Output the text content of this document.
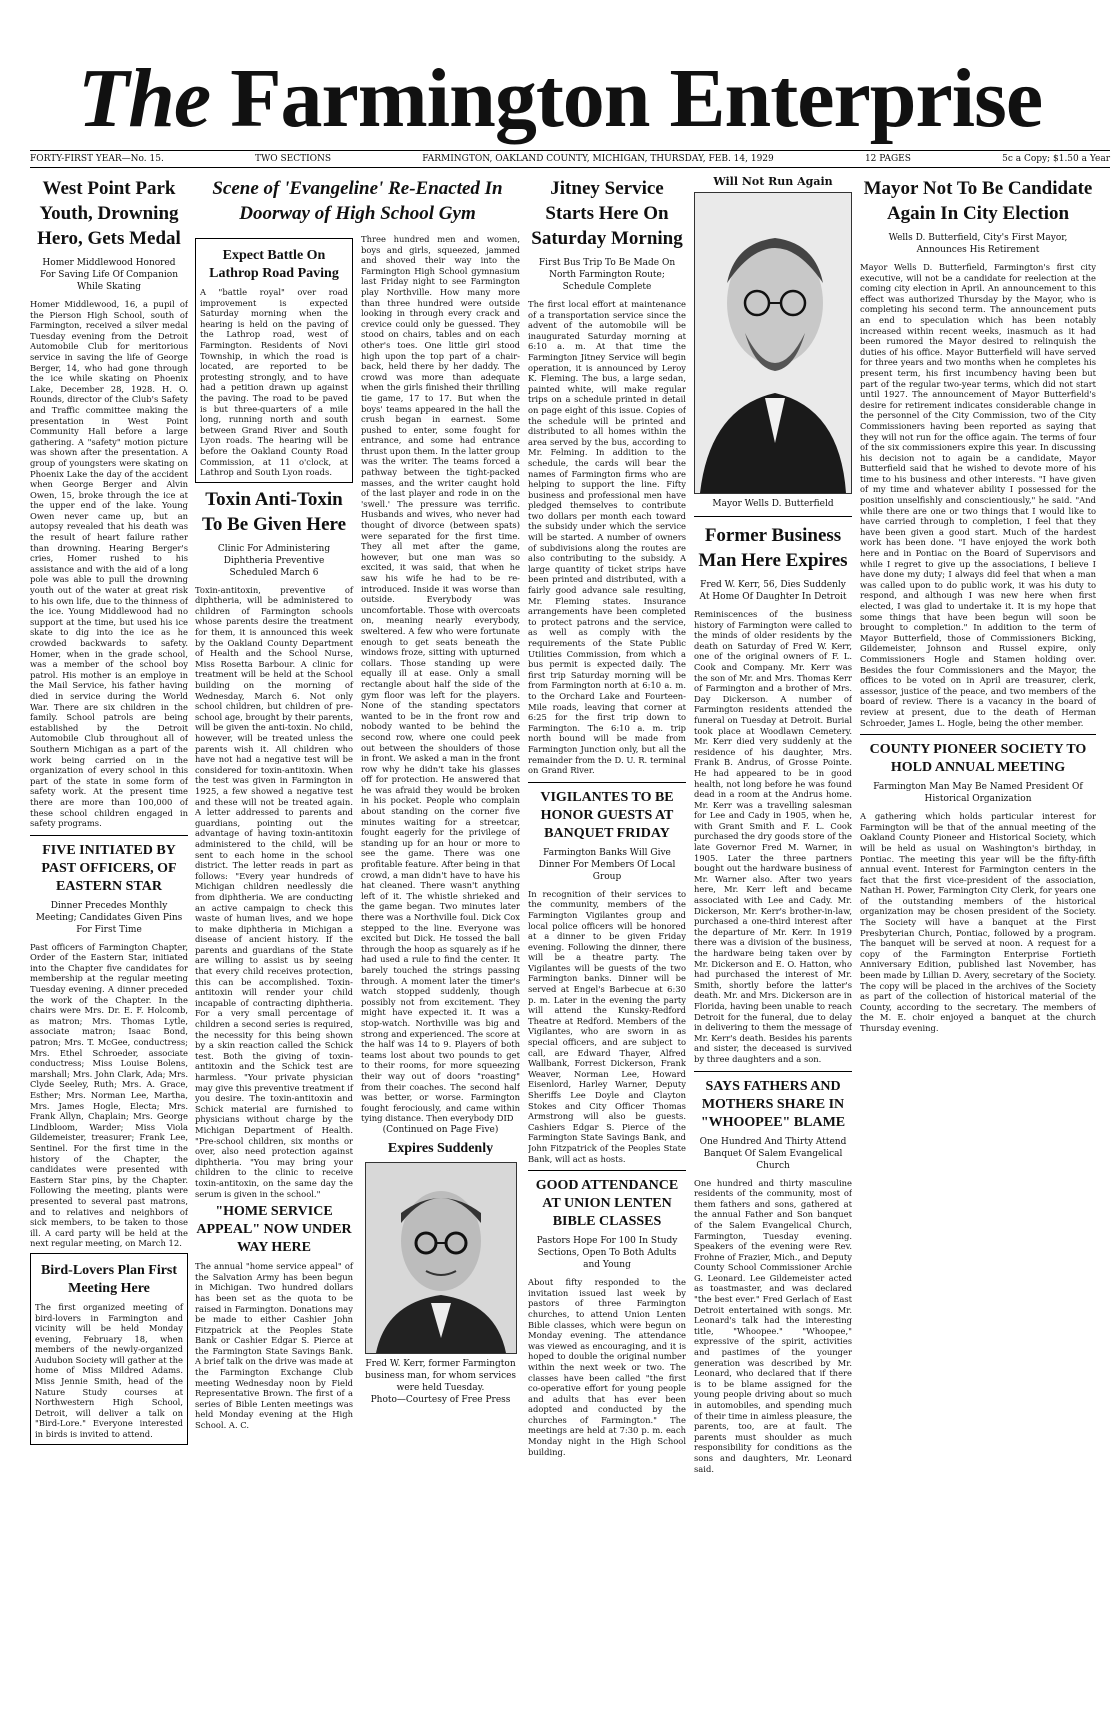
The Farmington Enterprise
FORTY-FIRST YEAR—No. 15.	TWO SECTIONS	FARMINGTON, OAKLAND COUNTY, MICHIGAN, THURSDAY, FEB. 14, 1929	12 PAGES	5c a Copy; $1.50 a Year
West Point Park Youth, Drowning Hero, Gets Medal
Homer Middlewood Honored For Saving Life Of Companion While Skating
Homer Middlewood, 16, a pupil of the Pierson High School, south of Farmington, received a silver medal Tuesday evening from the Detroit Automobile Club for meritorious service in saving the life of George Berger, 14, who had gone through the ice while skating on Phoenix Lake, December 28, 1928. H. O. Rounds, director of the Club's Safety and Traffic committee making the presentation in West Point Community Hall before a large gathering. A "safety" motion picture was shown after the presentation. A group of youngsters were skating on Phoenix Lake the day of the accident when George Berger and Alvin Owen, 15, broke through the ice at the upper end of the lake. Young Owen never came up, but an autopsy revealed that his death was the result of heart failure rather than drowning. Hearing Berger's cries, Homer rushed to his assistance and with the aid of a long pole was able to pull the drowning youth out of the water at great risk to his own life, due to the thinness of the ice. Young Middlewood had no support at the time, but used his ice skate to dig into the ice as he crowded backwards to safety. Homer, when in the grade school, was a member of the school boy patrol. His mother is an employe in the Mail Service, his father having died in service during the World War. There are six children in the family. School patrols are being established by the Detroit Automobile Club throughout all of Southern Michigan as a part of the work being carried on in the organization of every school in this part of the state in some form of safety work. At the present time there are more than 100,000 of these school children engaged in safety programs.
FIVE INITIATED BY PAST OFFICERS, OF EASTERN STAR
Dinner Precedes Monthly Meeting; Candidates Given Pins For First Time
Past officers of Farmington Chapter, Order of the Eastern Star, initiated into the Chapter five candidates for membership at the regular meeting Tuesday evening. A dinner preceded the work of the Chapter. In the chairs were Mrs. Dr. E. F. Holcomb, as matron; Mrs. Thomas Lytle, associate matron; Isaac Bond, patron; Mrs. T. McGee, conductress; Mrs. Ethel Schroeder, associate conductress; Miss Louise Bolens, marshall; Mrs. John Clark, Ada; Mrs. Clyde Seeley, Ruth; Mrs. A. Grace, Esther; Mrs. Norman Lee, Martha, Mrs. James Hogle, Electa; Mrs. Frank Allyn, Chaplain; Mrs. George Lindbloom, Warder; Miss Viola Gildemeister, treasurer; Frank Lee, Sentinel. For the first time in the history of the Chapter, the candidates were presented with Eastern Star pins, by the Chapter. Following the meeting, plants were presented to several past matrons, and to relatives and neighbors of sick members, to be taken to those ill. A card party will be held at the next regular meeting, on March 12.
Bird-Lovers Plan First Meeting Here
The first organized meeting of bird-lovers in Farmington and vicinity will be held Monday evening, February 18, when members of the newly-organized Audubon Society will gather at the home of Miss Mildred Adams. Miss Jennie Smith, head of the Nature Study courses at Northwestern High School, Detroit, will deliver a talk on "Bird-Lore." Everyone interested in birds is invited to attend.
Scene of 'Evangeline' Re-Enacted In Doorway of High School Gym
Expect Battle On Lathrop Road Paving
A "battle royal" over road improvement is expected Saturday morning when the hearing is held on the paving of the Lathrop road, west of Farmington. Residents of Novi Township, in which the road is located, are reported to be protesting strongly, and to have had a petition drawn up against the paving. The road to be paved is but three-quarters of a mile long, running north and south between Grand River and South Lyon roads. The hearing will be before the Oakland County Road Commission, at 11 o'clock, at Lathrop and South Lyon roads.
Toxin Anti-Toxin To Be Given Here
Clinic For Administering Diphtheria Preventive Scheduled March 6
Toxin-antitoxin, preventive of diphtheria, will be administered to children of Farmington schools whose parents desire the treatment for them, it is announced this week by the Oakland County Department of Health and the School Nurse, Miss Rosetta Barbour. A clinic for treatment will be held at the School building on the morning of Wednesday, March 6. Not only school children, but children of pre-school age, brought by their parents, will be given the anti-toxin. No child, however, will be treated unless the parents wish it. All children who have not had a negative test will be considered for toxin-antitoxin. When the test was given in Farmington in 1925, a few showed a negative test and these will not be treated again. A letter addressed to parents and guardians, pointing out the advantage of having toxin-antitoxin administered to the child, will be sent to each home in the school district. The letter reads in part as follows: "Every year hundreds of Michigan children needlessly die from diphtheria. We are conducting an active campaign to check this waste of human lives, and we hope to make diphtheria in Michigan a disease of ancient history. If the parents and guardians of the State are willing to assist us by seeing that every child receives protection, this can be accomplished. Toxin-antitoxin will render your child incapable of contracting diphtheria. For a very small percentage of children a second series is required, the necessity for this being shown by a skin reaction called the Schick test. Both the giving of toxin-antitoxin and the Schick test are harmless. "Your private physician may give this preventive treatment if you desire. The toxin-antitoxin and Schick material are furnished to physicians without charge by the Michigan Department of Health. "Pre-school children, six months or over, also need protection against diphtheria. "You may bring your children to the clinic to receive toxin-antitoxin, on the same day the serum is given in the school."
"HOME SERVICE APPEAL" NOW UNDER WAY HERE
The annual "home service appeal" of the Salvation Army has been begun in Michigan. Two hundred dollars has been set as the quota to be raised in Farmington. Donations may be made to either Cashier John Fitzpatrick at the Peoples State Bank or Cashier Edgar S. Pierce at the Farmington State Savings Bank. A brief talk on the drive was made at the Farmington Exchange Club meeting Wednesday noon by Field Representative Brown. The first of a series of Bible Lenten meetings was held Monday evening at the High School. A. C.
Three hundred men and women, boys and girls, squeezed, jammed and shoved their way into the Farmington High School gymnasium last Friday night to see Farmington play Northville. How many more than three hundred were outside looking in through every crack and crevice could only be guessed. They stood on chairs, tables and on each other's toes. One little girl stood high upon the top part of a chair-back, held there by her daddy. The crowd was more than adequate when the girls finished their thrilling tie game, 17 to 17. But when the boys' teams appeared in the hall the crush began in earnest. Some pushed to enter, some fought for entrance, and some had entrance thrust upon them. In the latter group was the writer. The teams forced a pathway between the tight-packed masses, and the writer caught hold of the last player and rode in on the 'swell.' The pressure was terrific. Husbands and wives, who never had thought of divorce (between spats) were separated for the first time. They all met after the game, however, but one man was so excited, it was said, that when he saw his wife he had to be re-introduced. Inside it was worse than outside. Everybody was uncomfortable. Those with overcoats on, meaning nearly everybody, sweltered. A few who were fortunate enough to get seats beneath the windows froze, sitting with upturned collars. Those standing up were equally ill at ease. Only a small rectangle about half the side of the gym floor was left for the players. None of the standing spectators wanted to be in the front row and nobody wanted to be behind the second row, where one could peek out between the shoulders of those in front. We asked a man in the front row why he didn't take his glasses off for protection. He answered that he was afraid they would be broken in his pocket. People who complain about standing on the corner five minutes waiting for a streetcar, fought eagerly for the privilege of standing up for an hour or more to see the game. There was one profitable feature. After being in that crowd, a man didn't have to have his hat cleaned. There wasn't anything left of it. The whistle shrieked and the game began. Two minutes later there was a Northville foul. Dick Cox stepped to the line. Everyone was excited but Dick. He tossed the ball through the hoop as squarely as if he had used a rule to find the center. It barely touched the strings passing through. A moment later the timer's watch stopped suddenly, though possibly not from excitement. They might have expected it. It was a stop-watch. Northville was big and strong and experienced. The score at the half was 14 to 9. Players of both teams lost about two pounds to get to their rooms, for more squeezing their way out of doors "roasting" from their coaches. The second half was better, or worse. Farmington fought ferociously, and came within tying distance. Then everybody DID
(Continued on Page Five)
Expires Suddenly
Fred W. Kerr, former Farmington business man, for whom services were held Tuesday.
Photo—Courtesy of Free Press
Jitney Service Starts Here On Saturday Morning
First Bus Trip To Be Made On North Farmington Route; Schedule Complete
The first local effort at maintenance of a transportation service since the advent of the automobile will be inaugurated Saturday morning at 6:10 a. m. At that time the Farmington Jitney Service will begin operation, it is announced by Leroy K. Fleming. The bus, a large sedan, painted white, will make regular trips on a schedule printed in detail on page eight of this issue. Copies of the schedule will be printed and distributed to all homes within the area served by the bus, according to Mr. Felming. In addition to the schedule, the cards will bear the names of Farmington firms who are helping to support the line. Fifty business and professional men have pledged themselves to contribute two dollars per month each toward the subsidy under which the service will be started. A number of owners of subdivisions along the routes are also contributing to the subsidy. A large quantity of ticket strips have been printed and distributed, with a fairly good advance sale resulting, Mr. Fleming states. Insurance arrangements have been completed to protect patrons and the service, as well as comply with the requirements of the State Public Utilities Commission, from which a bus permit is expected daily. The first trip Saturday morning will be from Farmington north at 6:10 a. m. to the Orchard Lake and Fourteen-Mile roads, leaving that corner at 6:25 for the first trip down to Farmington. The 6:10 a. m. trip north bound will be made from Farmington Junction only, but all the remainder from the D. U. R. terminal on Grand River.
VIGILANTES TO BE HONOR GUESTS AT BANQUET FRIDAY
Farmington Banks Will Give Dinner For Members Of Local Group
In recognition of their services to the community, members of the Farmington Vigilantes group and local police officers will be honored at a dinner to be given Friday evening. Following the dinner, there will be a theatre party. The Vigilantes will be guests of the two Farmington banks. Dinner will be served at Engel's Barbecue at 6:30 p. m. Later in the evening the party will attend the Kunsky-Redford Theatre at Redford. Members of the Vigilantes, who are sworn in as special officers, and are subject to call, are Edward Thayer, Alfred Wallbank, Forrest Dickerson, Frank Weaver, Norman Lee, Howard Eisenlord, Harley Warner, Deputy Sheriffs Lee Doyle and Clayton Stokes and City Officer Thomas Armstrong will also be guests. Cashiers Edgar S. Pierce of the Farmington State Savings Bank, and John Fitzpatrick of the Peoples State Bank, will act as hosts.
GOOD ATTENDANCE AT UNION LENTEN BIBLE CLASSES
Pastors Hope For 100 In Study Sections, Open To Both Adults and Young
About fifty responded to the invitation issued last week by pastors of three Farmington churches, to attend Union Lenten Bible classes, which were begun on Monday evening. The attendance was viewed as encouraging, and it is hoped to double the original number within the next week or two. The classes have been called "the first co-operative effort for young people and adults that has ever been adopted and conducted by the churches of Farmington." The meetings are held at 7:30 p. m. each Monday night in the High School building.
Will Not Run Again
Mayor Wells D. Butterfield
Former Business Man Here Expires
Fred W. Kerr, 56, Dies Suddenly At Home Of Daughter In Detroit
Reminiscences of the business history of Farmington were called to the minds of older residents by the death on Saturday of Fred W. Kerr, one of the original owners of F. L. Cook and Company. Mr. Kerr was the son of Mr. and Mrs. Thomas Kerr of Farmington and a brother of Mrs. Day Dickerson. A number of Farmington residents attended the funeral on Tuesday at Detroit. Burial took place at Woodlawn Cemetery. Mr. Kerr died very suddenly at the residence of his daughter, Mrs. Frank B. Andrus, of Grosse Pointe. He had appeared to be in good health, not long before he was found dead in a room at the Andrus home. Mr. Kerr was a travelling salesman for Lee and Cady in 1905, when he, with Grant Smith and F. L. Cook purchased the dry goods store of the late Governor Fred M. Warner, in 1905. Later the three partners bought out the hardware business of Mr. Warner also. After two years here, Mr. Kerr left and became associated with Lee and Cady. Mr. Dickerson, Mr. Kerr's brother-in-law, purchased a one-third interest after the departure of Mr. Kerr. In 1919 there was a division of the business, the hardware being taken over by Mr. Dickerson and E. O. Hatton, who had purchased the interest of Mr. Smith, shortly before the latter's death. Mr. and Mrs. Dickerson are in Florida, having been unable to reach Detroit for the funeral, due to delay in delivering to them the message of Mr. Kerr's death. Besides his parents and sister, the deceased is survived by three daughters and a son.
SAYS FATHERS AND MOTHERS SHARE IN "WHOOPEE" BLAME
One Hundred And Thirty Attend Banquet Of Salem Evangelical Church
One hundred and thirty masculine residents of the community, most of them fathers and sons, gathered at the annual Father and Son banquet of the Salem Evangelical Church, Farmington, Tuesday evening. Speakers of the evening were Rev. Frohne of Frazier, Mich., and Deputy County School Commissioner Archie G. Leonard. Lee Gildemeister acted as toastmaster, and was declared "the best ever." Fred Gerlach of East Detroit entertained with songs. Mr. Leonard's talk had the interesting title, "Whoopee." "Whoopee," expressive of the spirit, activities and pastimes of the younger generation was described by Mr. Leonard, who declared that if there is to be blame assigned for the young people driving about so much in automobiles, and spending much of their time in aimless pleasure, the parents, too, are at fault. The parents must shoulder as much responsibility for conditions as the sons and daughters, Mr. Leonard said.
Mayor Not To Be Candidate Again In City Election
Wells D. Butterfield, City's First Mayor, Announces His Retirement
Mayor Wells D. Butterfield, Farmington's first city executive, will not be a candidate for reelection at the coming city election in April. An announcement to this effect was authorized Thursday by the Mayor, who is completing his second term. The announcement puts an end to speculation which has been notably increased within recent weeks, inasmuch as it had been rumored the Mayor desired to relinquish the duties of his office. Mayor Butterfield will have served for three years and two months when he completes his present term, his first incumbency having been but part of the regular two-year terms, which did not start until 1927. The announcement of Mayor Butterfield's desire for retirement indicates considerable change in the personnel of the City Commission, two of the City Commissioners having been reported as saying that they will not run for the office again. The terms of four of the six commissioners expire this year. In discussing his decision not to again be a candidate, Mayor Butterfield said that he wished to devote more of his time to his business and other interests. "I have given of my time and whatever ability I possessed for the position unselfishly and conscientiously," he said. "And while there are one or two things that I would like to have carried through to completion, I feel that they have been given a good start. Much of the hardest work has been done. "I have enjoyed the work both here and in Pontiac on the Board of Supervisors and while I regret to give up the associations, I believe I have done my duty; I always did feel that when a man was called upon to do public work, it was his duty to respond, and although I was new here when first elected, I was glad to undertake it. It is my hope that some things that have been begun will soon be brought to completion." In addition to the term of Mayor Butterfield, those of Commissioners Bicking, Gildemeister, Johnson and Russel expire, only Commissioners Hogle and Stamen holding over. Besides the four Commissioners and the Mayor, the offices to be voted on in April are treasurer, clerk, assessor, justice of the peace, and two members of the board of review. There is a vacancy in the board of review at present, due to the death of Herman Schroeder, James L. Hogle, being the other member.
COUNTY PIONEER SOCIETY TO HOLD ANNUAL MEETING
Farmington Man May Be Named President Of Historical Organization
A gathering which holds particular interest for Farmington will be that of the annual meeting of the Oakland County Pioneer and Historical Society, which will be held as usual on Washington's birthday, in Pontiac. The meeting this year will be the fifty-fifth annual event. Interest for Farmington centers in the fact that the first vice-president of the association, Nathan H. Power, Farmington City Clerk, for years one of the outstanding members of the historical organization may be chosen president of the Society. The Society will have a banquet at the First Presbyterian Church, Pontiac, followed by a program. The banquet will be served at noon. A request for a copy of the Farmington Enterprise Fortieth Anniversary Edition, published last November, has been made by Lillian D. Avery, secretary of the Society. The copy will be placed in the archives of the Society as part of the collection of historical material of the County, according to the secretary. The members of the M. E. choir enjoyed a banquet at the church Thursday evening.
